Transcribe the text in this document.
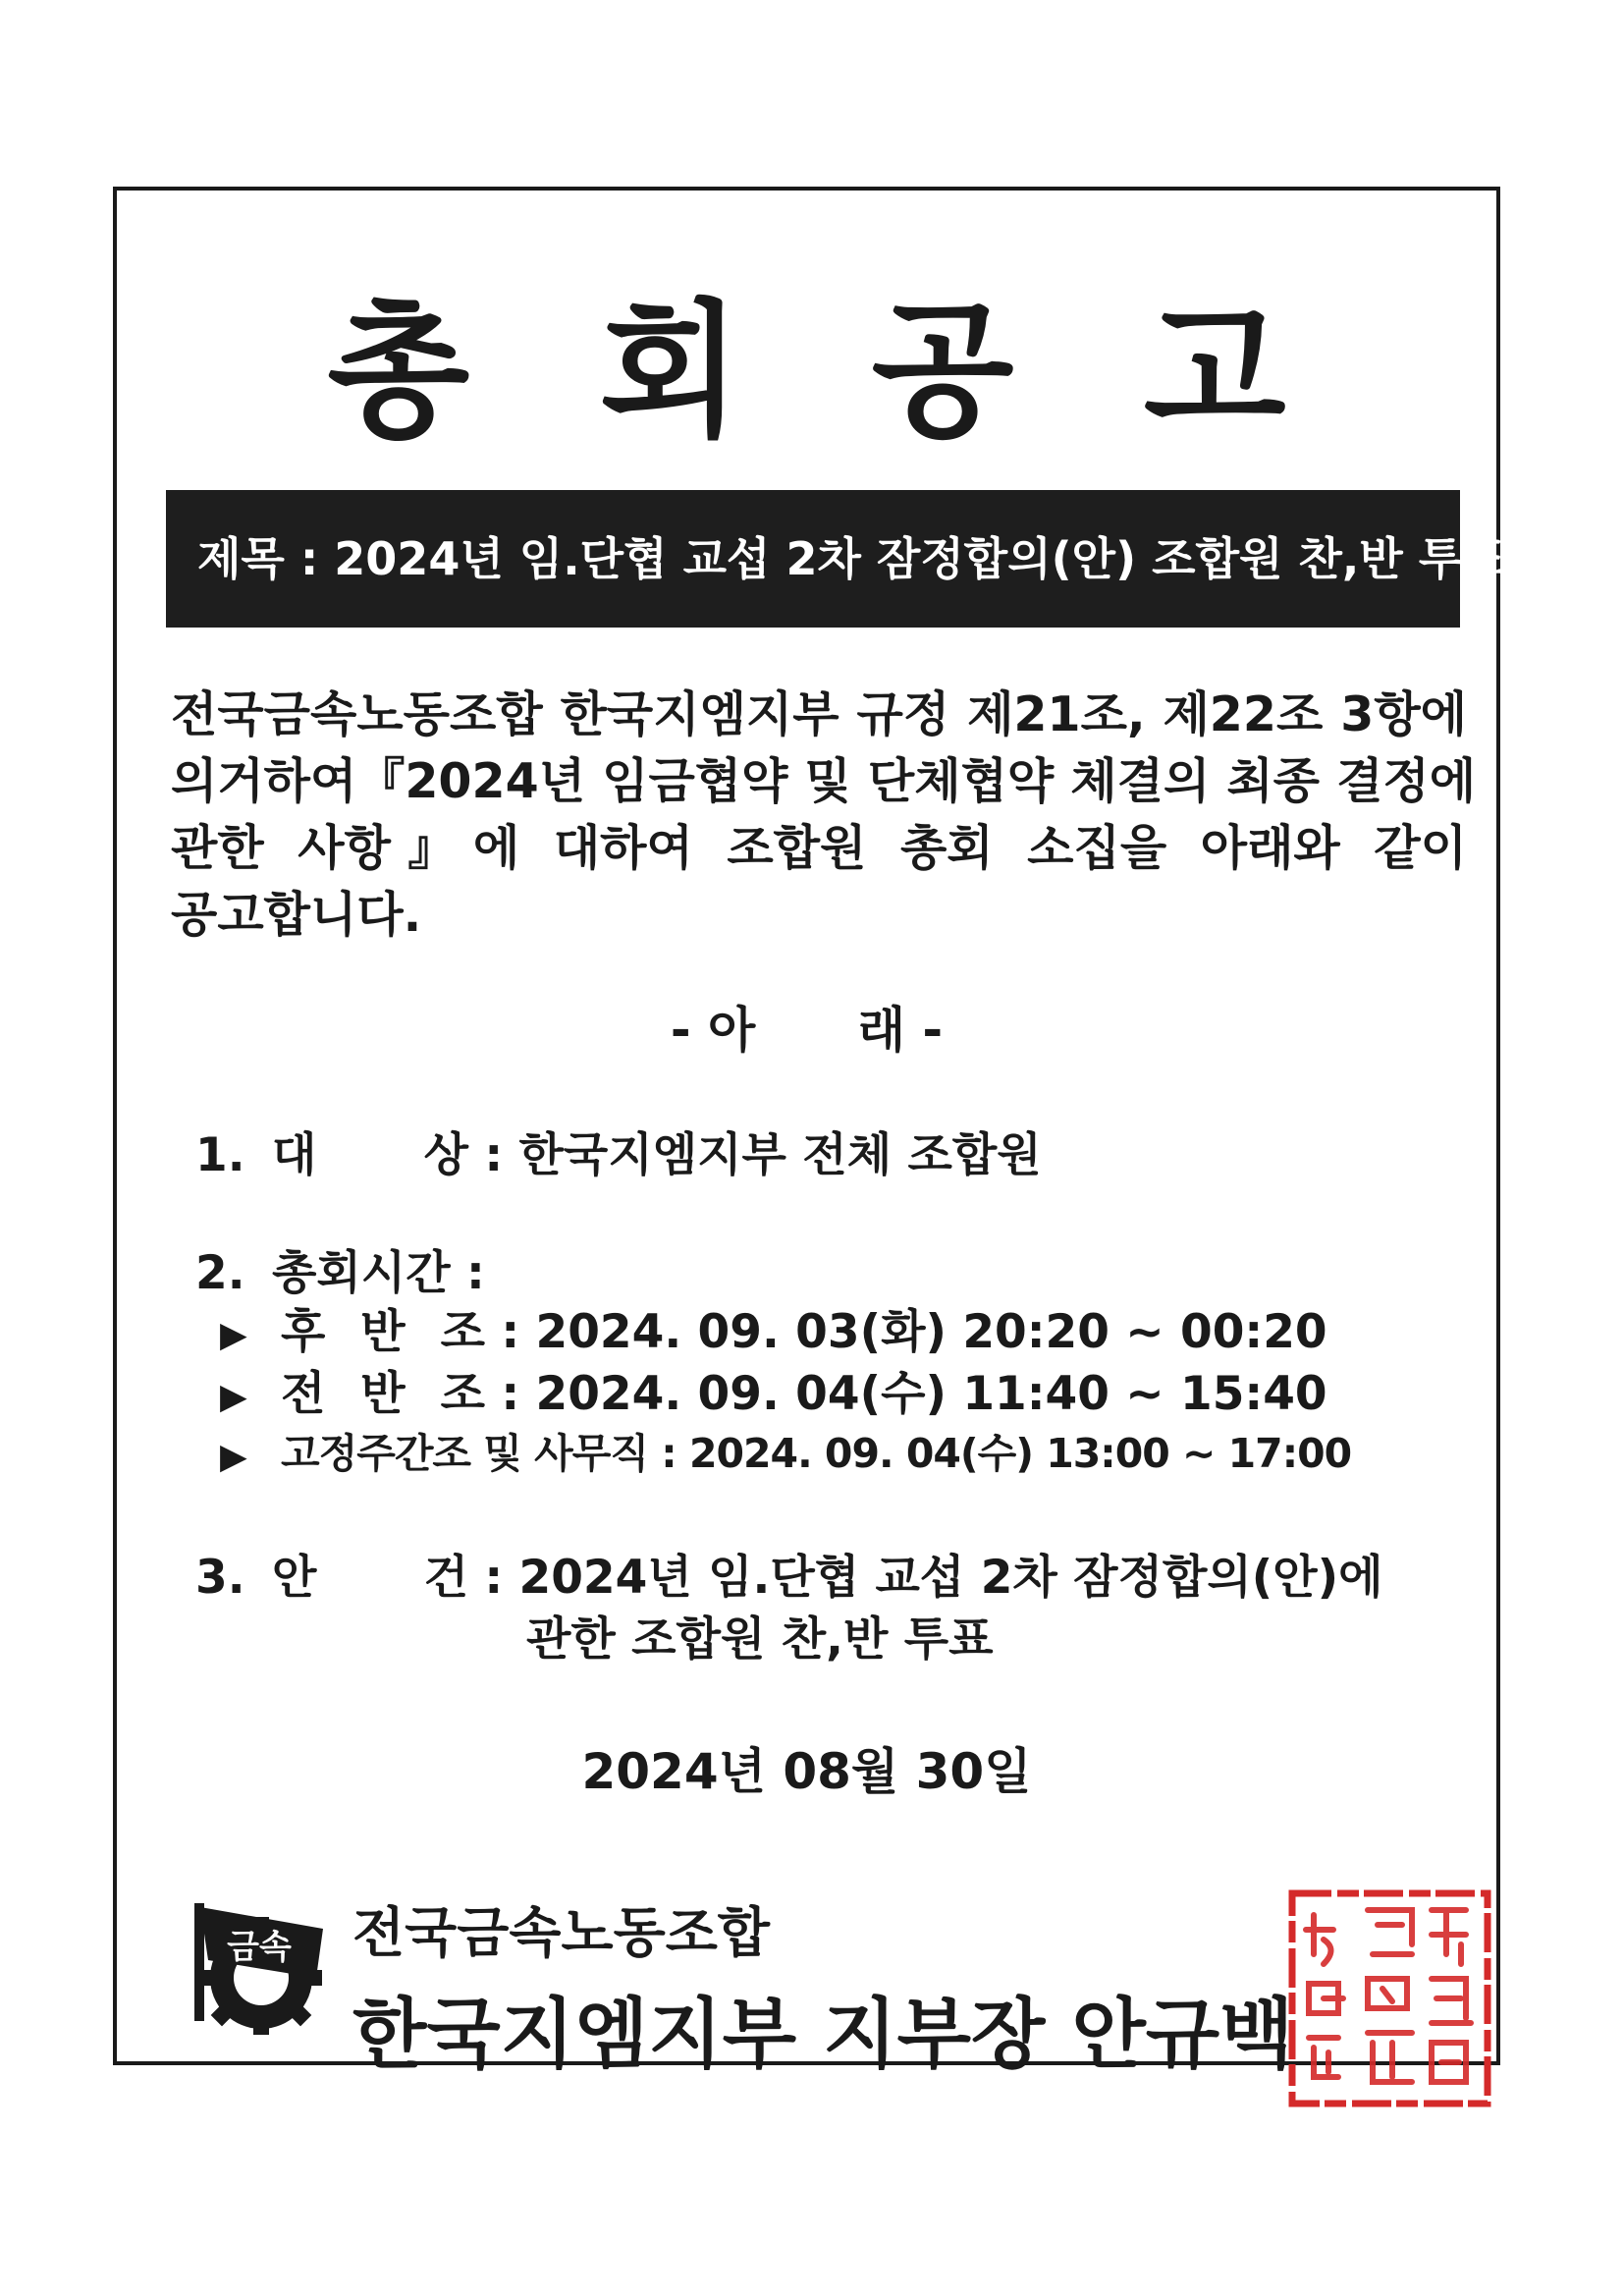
총 회 공 고
제목 : 2024년 임.단협 교섭 2차 잠정합의(안) 조합원 찬,반 투표
전국금속노동조합 한국지엠지부 규정 제21조, 제22조 3항에
의거하여『2024년 임금협약 및 단체협약 체결의 최종 결정에
관한 사항』에 대하여 조합원 총회 소집을 아래와 같이
공고합니다.
- 아      래 -
1. 대 상 : 한국지엠지부 전체 조합원
2. 총회시간 :
▶ 후 반 조 : 2024. 09. 03(화) 20:20 ~ 00:20
▶ 전 반 조 : 2024. 09. 04(수) 11:40 ~ 15:40
▶ 고정주간조 및 사무직 : 2024. 09. 04(수) 13:00 ~ 17:00
3. 안 건 : 2024년 임.단협 교섭 2차 잠정합의(안)에
관한 조합원 찬,반 투표
2024년 08월 30일
금속 전국금속노동조합
한국지엠지부 지부장 안규백
